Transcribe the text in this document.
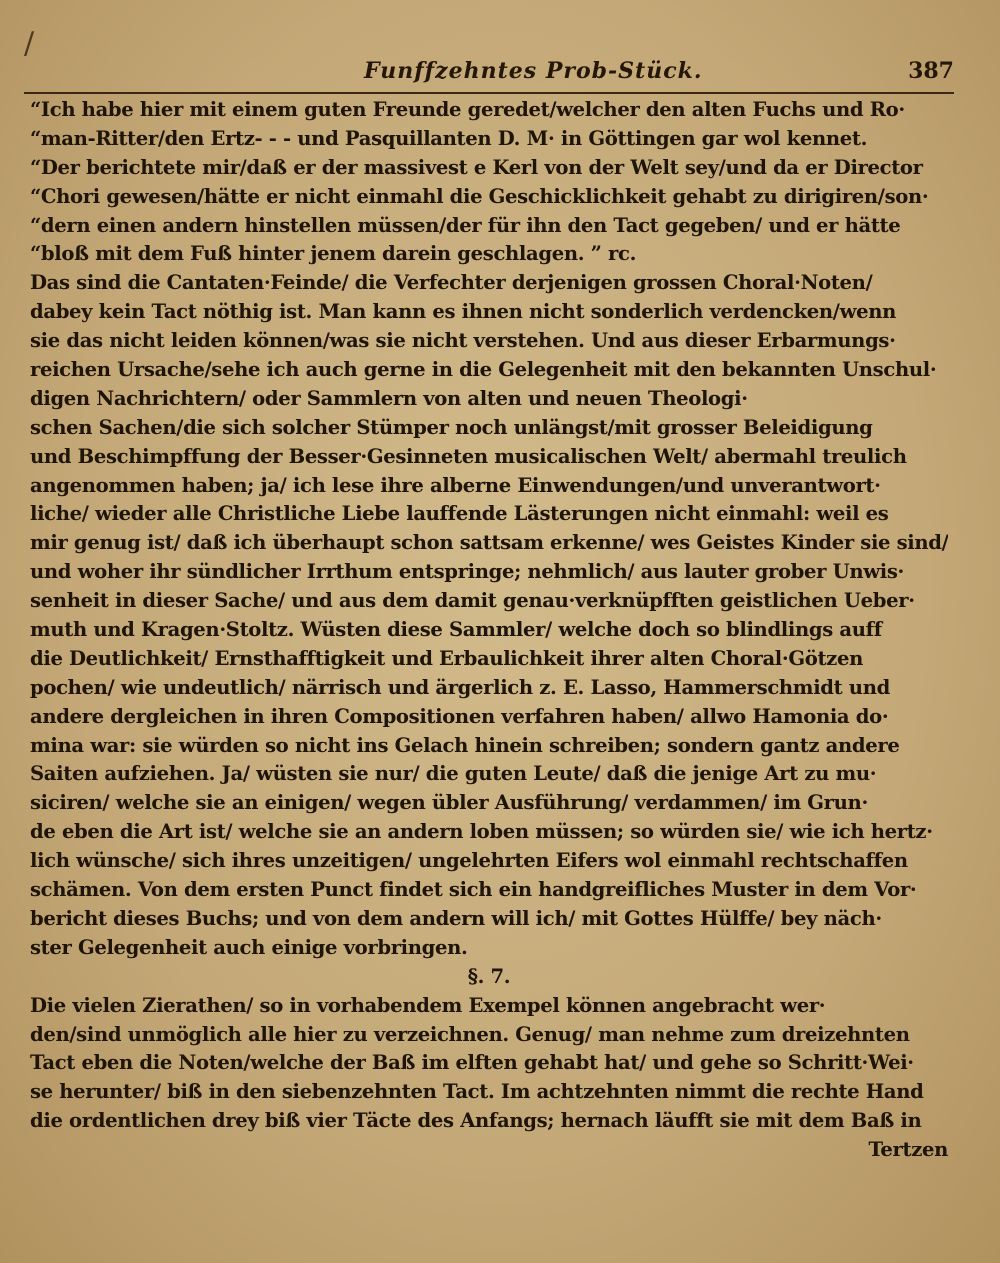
/
Funffzehntes Prob-Stück.	387
“Ich habe hier mit einem guten Freunde geredet/welcher den alten Fuchs und Ro·
“man-Ritter/den Ertz- - - und Pasquillanten D. M· in Göttingen gar wol kennet.
“Der berichtete mir/daß er der massivest e Kerl von der Welt sey/und da er Director
“Chori gewesen/hätte er nicht einmahl die Geschicklichkeit gehabt zu dirigiren/son·
“dern einen andern hinstellen müssen/der für ihn den Tact gegeben/ und er hätte
“bloß mit dem Fuß hinter jenem darein geschlagen. ” rc.
Das sind die Cantaten·Feinde/ die Verfechter derjenigen grossen Choral·Noten/
dabey kein Tact nöthig ist. Man kann es ihnen nicht sonderlich verdencken/wenn
sie das nicht leiden können/was sie nicht verstehen. Und aus dieser Erbarmungs·
reichen Ursache/sehe ich auch gerne in die Gelegenheit mit den bekannten Unschul·
digen Nachrichtern/ oder Sammlern von alten und neuen Theologi·
schen Sachen/die sich solcher Stümper noch unlängst/mit grosser Beleidigung
und Beschimpffung der Besser·Gesinneten musicalischen Welt/ abermahl treulich
angenommen haben; ja/ ich lese ihre alberne Einwendungen/und unverantwort·
liche/ wieder alle Christliche Liebe lauffende Lästerungen nicht einmahl: weil es
mir genug ist/ daß ich überhaupt schon sattsam erkenne/ wes Geistes Kinder sie sind/
und woher ihr sündlicher Irrthum entspringe; nehmlich/ aus lauter grober Unwis·
senheit in dieser Sache/ und aus dem damit genau·verknüpfften geistlichen Ueber·
muth und Kragen·Stoltz. Wüsten diese Sammler/ welche doch so blindlings auff
die Deutlichkeit/ Ernsthafftigkeit und Erbaulichkeit ihrer alten Choral·Götzen
pochen/ wie undeutlich/ närrisch und ärgerlich z. E. Lasso, Hammerschmidt und
andere dergleichen in ihren Compositionen verfahren haben/ allwo Hamonia do·
mina war: sie würden so nicht ins Gelach hinein schreiben; sondern gantz andere
Saiten aufziehen. Ja/ wüsten sie nur/ die guten Leute/ daß die jenige Art zu mu·
siciren/ welche sie an einigen/ wegen übler Ausführung/ verdammen/ im Grun·
de eben die Art ist/ welche sie an andern loben müssen; so würden sie/ wie ich hertz·
lich wünsche/ sich ihres unzeitigen/ ungelehrten Eifers wol einmahl rechtschaffen
schämen. Von dem ersten Punct findet sich ein handgreifliches Muster in dem Vor·
bericht dieses Buchs; und von dem andern will ich/ mit Gottes Hülffe/ bey näch·
ster Gelegenheit auch einige vorbringen.
§. 7.
Die vielen Zierathen/ so in vorhabendem Exempel können angebracht wer·
den/sind unmöglich alle hier zu verzeichnen. Genug/ man nehme zum dreizehnten
Tact eben die Noten/welche der Baß im elften gehabt hat/ und gehe so Schritt·Wei·
se herunter/ biß in den siebenzehnten Tact. Im achtzehnten nimmt die rechte Hand
die ordentlichen drey biß vier Täcte des Anfangs; hernach läufft sie mit dem Baß in
Tertzen
